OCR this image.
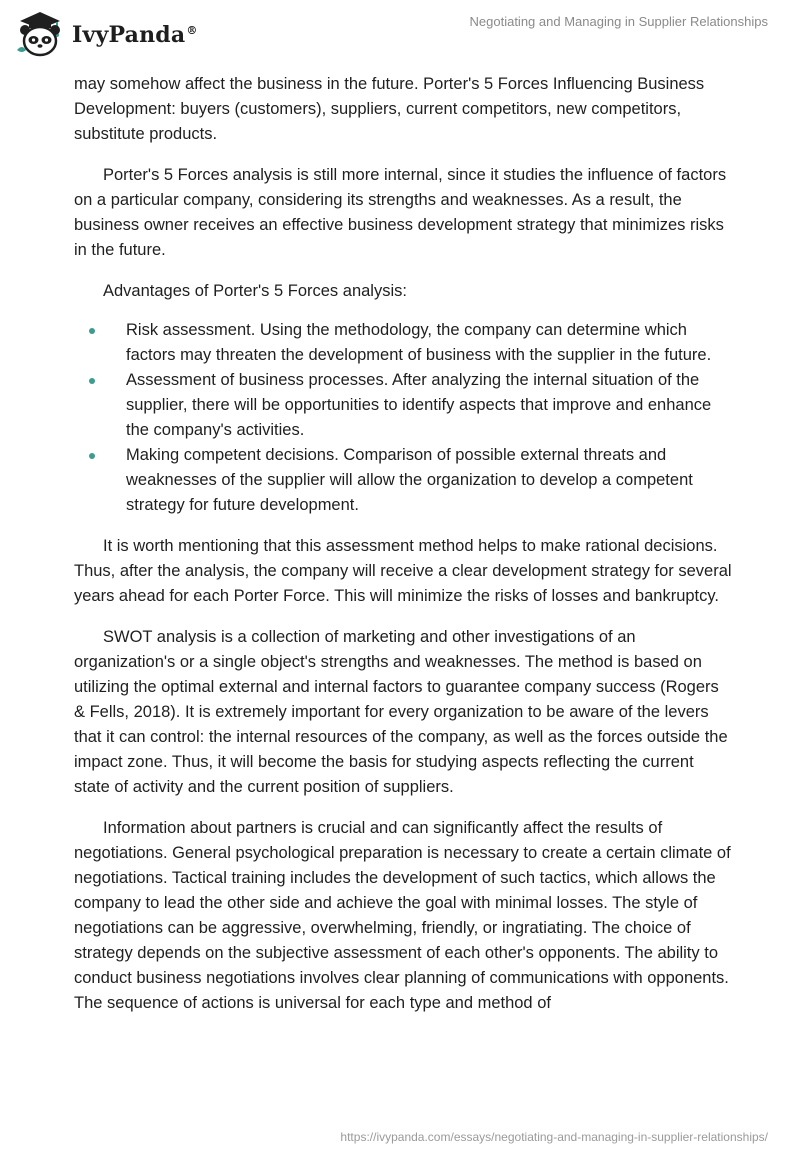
IvyPanda®
Negotiating and Managing in Supplier Relationships

may somehow affect the business in the future. Porter's 5 Forces Influencing Business Development: buyers (customers), suppliers, current competitors, new competitors, substitute products.

Porter's 5 Forces analysis is still more internal, since it studies the influence of factors on a particular company, considering its strengths and weaknesses. As a result, the business owner receives an effective business development strategy that minimizes risks in the future.

Advantages of Porter's 5 Forces analysis:

Risk assessment. Using the methodology, the company can determine which factors may threaten the development of business with the supplier in the future.
Assessment of business processes. After analyzing the internal situation of the supplier, there will be opportunities to identify aspects that improve and enhance the company's activities.
Making competent decisions. Comparison of possible external threats and weaknesses of the supplier will allow the organization to develop a competent strategy for future development.

It is worth mentioning that this assessment method helps to make rational decisions. Thus, after the analysis, the company will receive a clear development strategy for several years ahead for each Porter Force. This will minimize the risks of losses and bankruptcy.

SWOT analysis is a collection of marketing and other investigations of an organization's or a single object's strengths and weaknesses. The method is based on utilizing the optimal external and internal factors to guarantee company success (Rogers & Fells, 2018). It is extremely important for every organization to be aware of the levers that it can control: the internal resources of the company, as well as the forces outside the impact zone. Thus, it will become the basis for studying aspects reflecting the current state of activity and the current position of suppliers.

Information about partners is crucial and can significantly affect the results of negotiations. General psychological preparation is necessary to create a certain climate of negotiations. Tactical training includes the development of such tactics, which allows the company to lead the other side and achieve the goal with minimal losses. The style of negotiations can be aggressive, overwhelming, friendly, or ingratiating. The choice of strategy depends on the subjective assessment of each other's opponents. The ability to conduct business negotiations involves clear planning of communications with opponents. The sequence of actions is universal for each type and method of

https://ivypanda.com/essays/negotiating-and-managing-in-supplier-relationships/
